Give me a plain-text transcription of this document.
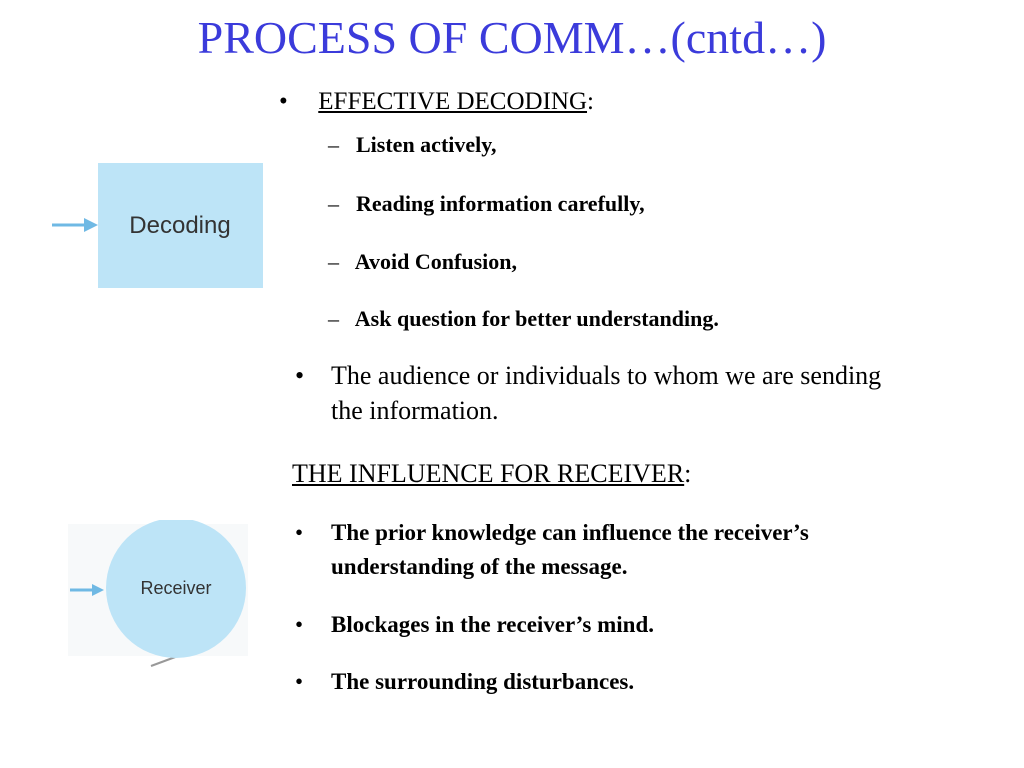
PROCESS OF COMM…(cntd…)
Decoding
Receiver
• EFFECTIVE DECODING:
– Listen actively,
– Reading information carefully,
– Avoid Confusion,
– Ask question for better understanding.
• The audience or individuals to whom we are sending
the information.
THE INFLUENCE FOR RECEIVER:
• The prior knowledge can influence the receiver’s
understanding of the message.
• Blockages in the receiver’s mind.
• The surrounding disturbances.
